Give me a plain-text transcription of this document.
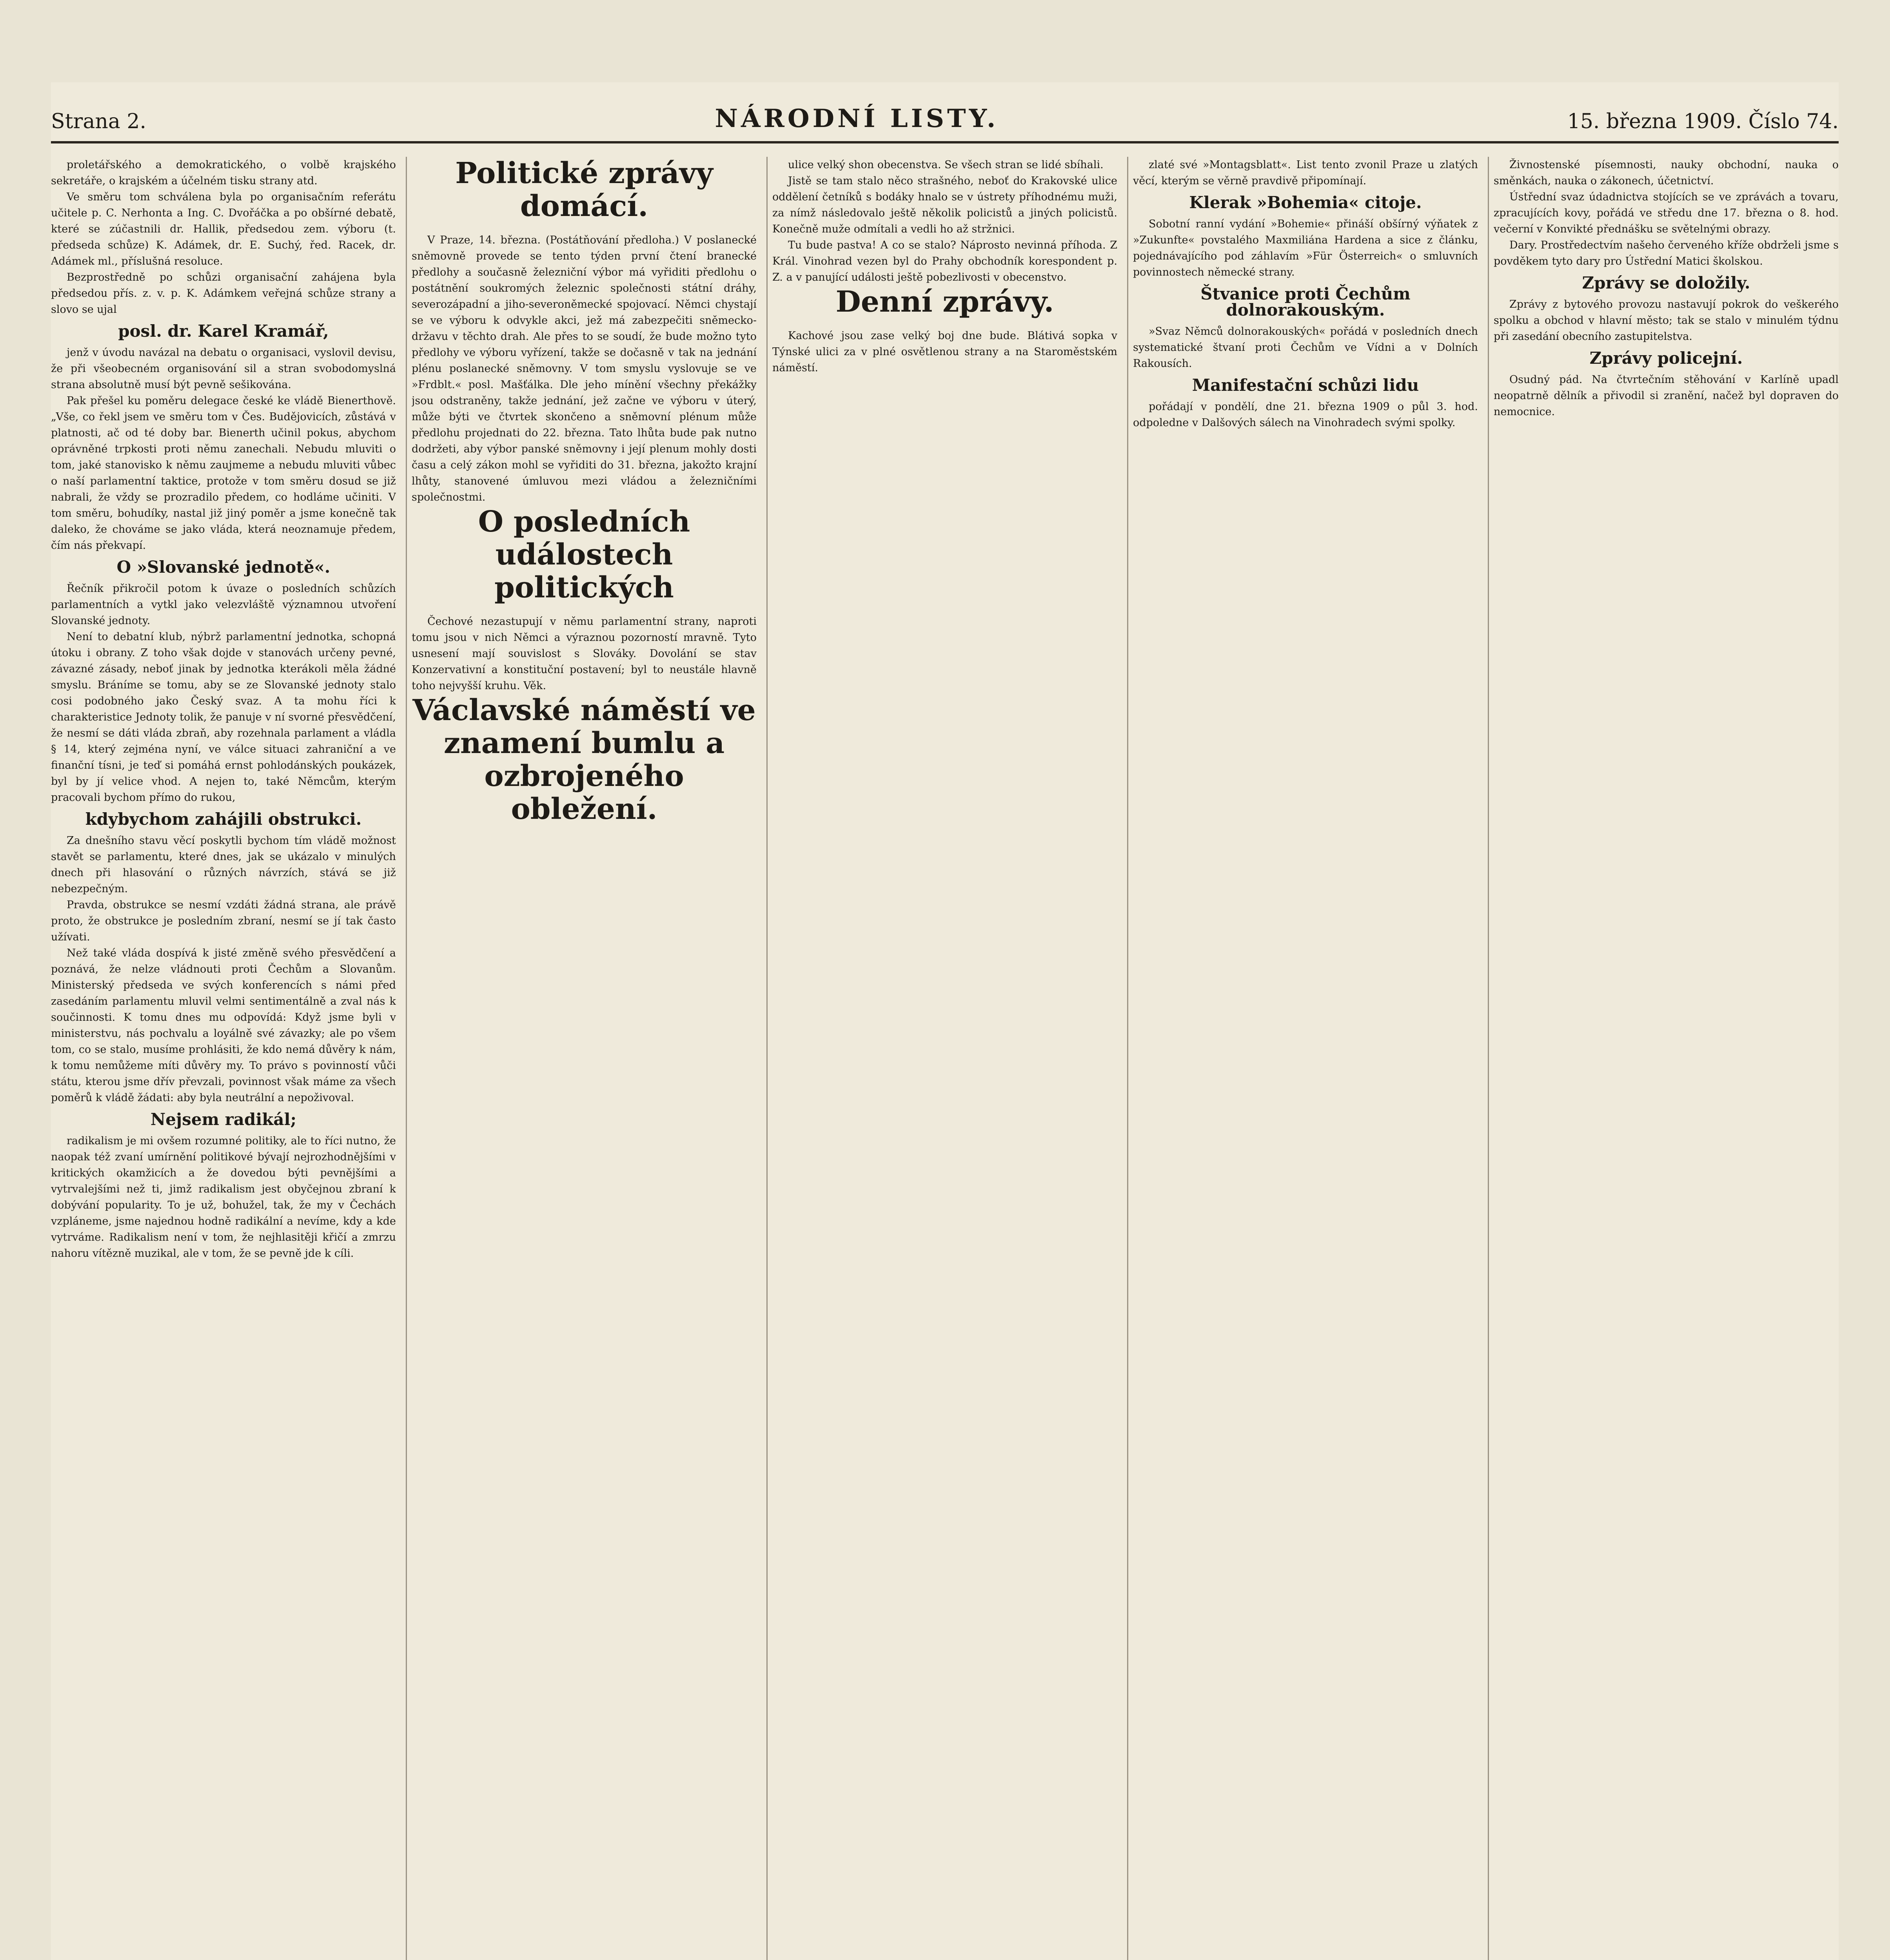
Strana 2.	NÁRODNÍ LISTY.	15. března 1909. Číslo 74.

proletářského a demokratického, o volbě krajského sekretáře, o krajském a účelném tisku strany atd.

Ve směru tom schválena byla po organisačním referátu učitele p. C. Nerhonta a Ing. C. Dvořáčka a po obšírné debatě, které se zúčastnili dr. Hallik, předsedou zem. výboru (t. předseda schůze) K. Adámek, dr. E. Suchý, řed. Racek, dr. Adámek ml., příslušná resoluce.

Bezprostředně po schůzi organisační zahájena byla předsedou přís. z. v. p. K. Adámkem veřejná schůze strany a slovo se ujal

posl. dr. Karel Kramář,

jenž v úvodu navázal na debatu o organisaci, vyslovil devisu, že při všeobecném organisování sil a stran svobodomyslná strana absolutně musí být pevně sešikována.

Pak přešel ku poměru delegace české ke vládě Bienerthově. „Vše, co řekl jsem ve směru tom v Čes. Budějovicích, zůstává v platnosti, ač od té doby bar. Bienerth učinil pokus, abychom oprávněné trpkosti proti němu zanechali. Nebudu mluviti o tom, jaké stanovisko k němu zaujmeme a nebudu mluviti vůbec o naší parlamentní taktice, protože v tom směru dosud se již nabrali, že vždy se prozradilo předem, co hodláme učiniti. V tom směru, bohudíky, nastal již jiný poměr a jsme konečně tak daleko, že chováme se jako vláda, která neoznamuje předem, čím nás překvapí.

O »Slovanské jednotě«.

Řečník přikročil potom k úvaze o posledních schůzích parlamentních a vytkl jako velezvláště významnou utvoření Slovanské jednoty.

Není to debatní klub, nýbrž parlamentní jednotka, schopná útoku i obrany. Z toho však dojde v stanovách určeny pevné, závazné zásady, neboť jinak by jednotka kterákoli měla žádné smyslu. Bráníme se tomu, aby se ze Slovanské jednoty stalo cosi podobného jako Český svaz. A ta mohu říci k charakteristice Jednoty tolik, že panuje v ní svorné přesvědčení, že nesmí se dáti vláda zbraň, aby rozehnala parlament a vládla § 14, který zejména nyní, ve válce situaci zahraniční a ve finanční tísni, je teď si pomáhá ernst pohlodánských poukázek, byl by jí velice vhod. A nejen to, také Němcům, kterým pracovali bychom přímo do rukou,

kdybychom zahájili obstrukci.

Za dnešního stavu věcí poskytli bychom tím vládě možnost stavět se parlamentu, které dnes, jak se ukázalo v minulých dnech při hlasování o různých návrzích, stává se již nebezpečným.

Pravda, obstrukce se nesmí vzdáti žádná strana, ale právě proto, že obstrukce je posledním zbraní, nesmí se jí tak často užívati.

Než také vláda dospívá k jisté změně svého přesvědčení a poznává, že nelze vládnouti proti Čechům a Slovanům. Ministerský předseda ve svých konferencích s námi před zasedáním parlamentu mluvil velmi sentimentálně a zval nás k součinnosti. K tomu dnes mu odpovídá: Když jsme byli v ministerstvu, nás pochvalu a loyálně své závazky; ale po všem tom, co se stalo, musíme prohlásiti, že kdo nemá důvěry k nám, k tomu nemůžeme míti důvěry my. To právo s povinností vůči státu, kterou jsme dřív převzali, povinnost však máme za všech poměrů k vládě žádati: aby byla neutrální a nepoživoval.

Nejsem radikál;

radikalism je mi ovšem rozumné politiky, ale to říci nutno, že naopak též zvaní umírnění politikové bývají nejrozhodnějšími v kritických okamžicích a že dovedou býti pevnějšími a vytrvalejšími než ti, jimž radikalism jest obyčejnou zbraní k dobývání popularity. To je už, bohužel, tak, že my v Čechách vzpláneme, jsme najednou hodně radikální a nevíme, kdy a kde vytrváme. Radikalism není v tom, že nejhlasitěji křičí a zmrzu nahoru vítězně muzikal, ale v tom, že se pevně jde k cíli.

Politické zprávy domácí.

V Praze, 14. března. (Postátňování předloha.) V poslanecké sněmovně provede se tento týden první čtení branecké předlohy a současně železniční výbor má vyřiditi předlohu o postátnění soukromých železnic společnosti státní dráhy, severozápadní a jiho-severoněmecké spojovací. Němci chystají se ve výboru k odvykle akci, jež má zabezpečiti sněmecko-državu v těchto drah. Ale přes to se soudí, že bude možno tyto předlohy ve výboru vyřízení, takže se dočasně v tak na jednání plénu poslanecké sněmovny. V tom smyslu vyslovuje se ve »Frdblt.« posl. Mašťálka. Dle jeho mínění všechny překážky jsou odstraněny, takže jednání, jež začne ve výboru v úterý, může býti ve čtvrtek skončeno a sněmovní plénum může předlohu projednati do 22. března. Tato lhůta bude pak nutno dodržeti, aby výbor panské sněmovny i její plenum mohly dosti času a celý zákon mohl se vyřiditi do 31. března, jakožto krajní lhůty, stanovené úmluvou mezi vládou a železničními společnostmi.

O posledních událostech politických

Čechové nezastupují v němu parlamentní strany, naproti tomu jsou v nich Němci a výraznou pozorností mravně. Tyto usnesení mají souvislost s Slováky. Dovolání se stav Konzervativní a konstituční postavení; byl to neustále hlavně toho nejvyšší kruhu. Věk.

Václavské náměstí ve znamení bumlu a ozbrojeného obležení.

ulice velký shon obecenstva. Se všech stran se lidé sbíhali.

Jistě se tam stalo něco strašného, neboť do Krakovské ulice oddělení četníků s bodáky hnalo se v ústrety příhodnému muži, za nímž následovalo ještě několik policistů a jiných policistů. Konečně muže odmítali a vedli ho až stržnici.

Tu bude pastva! A co se stalo? Náprosto nevinná příhoda. Z Král. Vinohrad vezen byl do Prahy obchodník korespondent p. Z. a v panující události ještě pobezlivosti v obecenstvo.

Denní zprávy.

Kachové jsou zase velký boj dne bude. Blátivá sopka v Týnské ulici za v plné osvětlenou strany a na Staroměstském náměstí.

zlaté své »Montagsblatt«. List tento zvonil Praze u zlatých věcí, kterým se věrně pravdivě připomínají.

Klerak »Bohemia« citoje.

Sobotní ranní vydání »Bohemie« přináší obšírný výňatek z »Zukunfte« povstalého Maxmiliána Hardena a sice z článku, pojednávajícího pod záhlavím »Für Österreich« o smluvních povinnostech německé strany.

Štvanice proti Čechům dolnorakouským.

»Svaz Němců dolnorakouských« pořádá v posledních dnech systematické štvaní proti Čechům ve Vídni a v Dolních Rakousích.

Manifestační schůzi lidu

pořádají v pondělí, dne 21. března 1909 o půl 3. hod. odpoledne v Dalšových sálech na Vinohradech svými spolky.

Živnostenské písemnosti, nauky obchodní, nauka o směnkách, nauka o zákonech, účetnictví.

Ústřední svaz údadnictva stojících se ve zprávách a tovaru, zpracujících kovy, pořádá ve středu dne 17. března o 8. hod. večerní v Konvikté přednášku se světelnými obrazy.

Dary. Prostředectvím našeho červeného kříže obdrželi jsme s povděkem tyto dary pro Ústřední Matici školskou.

Zprávy se doložily.

Zprávy z bytového provozu nastavují pokrok do veškerého spolku a obchod v hlavní město; tak se stalo v minulém týdnu při zasedání obecního zastupitelstva.

Zprávy policejní.

Osudný pád. Na čtvrtečním stěhování v Karlíně upadl neopatrně dělník a přivodil si zranění, načež byl dopraven do nemocnice.
